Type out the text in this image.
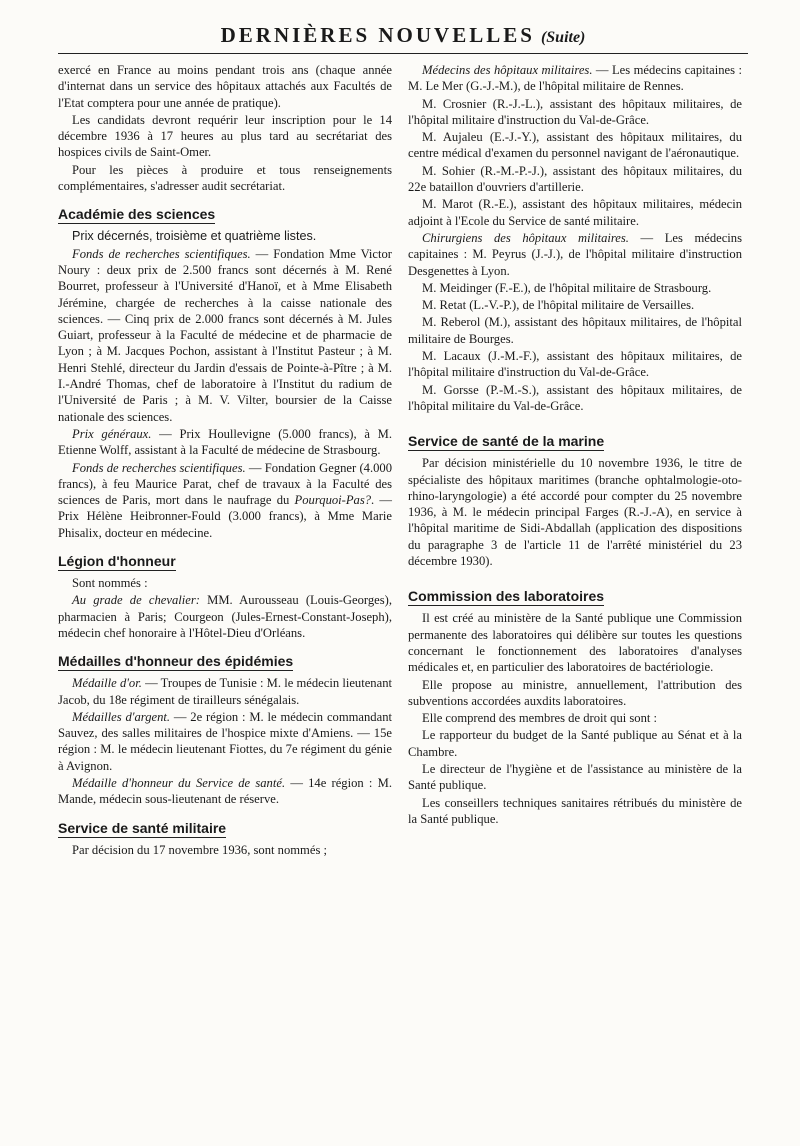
DERNIÈRES NOUVELLES (Suite)

exercé en France au moins pendant trois ans (chaque année d'internat dans un service des hôpitaux attachés aux Facultés de l'Etat comptera pour une année de pratique).

Les candidats devront requérir leur inscription pour le 14 décembre 1936 à 17 heures au plus tard au secrétariat des hospices civils de Saint-Omer.

Pour les pièces à produire et tous renseignements complémentaires, s'adresser audit secrétariat.

Académie des sciences

Prix décernés, troisième et quatrième listes.

Fonds de recherches scientifiques. — Fondation Mme Victor Noury : deux prix de 2.500 francs sont décernés à M. René Bourret, professeur à l'Université d'Hanoï, et à Mme Elisabeth Jérémine, chargée de recherches à la caisse nationale des sciences. — Cinq prix de 2.000 francs sont décernés à M. Jules Guiart, professeur à la Faculté de médecine et de pharmacie de Lyon ; à M. Jacques Pochon, assistant à l'Institut Pasteur ; à M. Henri Stehlé, directeur du Jardin d'essais de Pointe-à-Pître ; à M. I.-André Thomas, chef de laboratoire à l'Institut du radium de l'Université de Paris ; à M. V. Vilter, boursier de la Caisse nationale des sciences.

Prix généraux. — Prix Houllevigne (5.000 francs), à M. Etienne Wolff, assistant à la Faculté de médecine de Strasbourg.

Fonds de recherches scientifiques. — Fondation Gegner (4.000 francs), à feu Maurice Parat, chef de travaux à la Faculté des sciences de Paris, mort dans le naufrage du Pourquoi-Pas?. — Prix Hélène Heibronner-Fould (3.000 francs), à Mme Marie Phisalix, docteur en médecine.

Légion d'honneur

Sont nommés :

Au grade de chevalier: MM. Aurousseau (Louis-Georges), pharmacien à Paris; Courgeon (Jules-Ernest-Constant-Joseph), médecin chef honoraire à l'Hôtel-Dieu d'Orléans.

Médailles d'honneur des épidémies

Médaille d'or. — Troupes de Tunisie : M. le médecin lieutenant Jacob, du 18e régiment de tirailleurs sénégalais.

Médailles d'argent. — 2e région : M. le médecin commandant Sauvez, des salles militaires de l'hospice mixte d'Amiens. — 15e région : M. le médecin lieutenant Fiottes, du 7e régiment du génie à Avignon.

Médaille d'honneur du Service de santé. — 14e région : M. Mande, médecin sous-lieutenant de réserve.

Service de santé militaire

Par décision du 17 novembre 1936, sont nommés ;

Médecins des hôpitaux militaires. — Les médecins capitaines : M. Le Mer (G.-J.-M.), de l'hôpital militaire de Rennes.

M. Crosnier (R.-J.-L.), assistant des hôpitaux militaires, de l'hôpital militaire d'instruction du Val-de-Grâce.

M. Aujaleu (E.-J.-Y.), assistant des hôpitaux militaires, du centre médical d'examen du personnel navigant de l'aéronautique.

M. Sohier (R.-M.-P.-J.), assistant des hôpitaux militaires, du 22e bataillon d'ouvriers d'artillerie.

M. Marot (R.-E.), assistant des hôpitaux militaires, médecin adjoint à l'Ecole du Service de santé militaire.

Chirurgiens des hôpitaux militaires. — Les médecins capitaines : M. Peyrus (J.-J.), de l'hôpital militaire d'instruction Desgenettes à Lyon.

M. Meidinger (F.-E.), de l'hôpital militaire de Strasbourg.

M. Retat (L.-V.-P.), de l'hôpital militaire de Versailles.

M. Reberol (M.), assistant des hôpitaux militaires, de l'hôpital militaire de Bourges.

M. Lacaux (J.-M.-F.), assistant des hôpitaux militaires, de l'hôpital militaire d'instruction du Val-de-Grâce.

M. Gorsse (P.-M.-S.), assistant des hôpitaux militaires, de l'hôpital militaire du Val-de-Grâce.

Service de santé de la marine

Par décision ministérielle du 10 novembre 1936, le titre de spécialiste des hôpitaux maritimes (branche ophtalmologie-oto-rhino-laryngologie) a été accordé pour compter du 25 novembre 1936, à M. le médecin principal Farges (R.-J.-A), en service à l'hôpital maritime de Sidi-Abdallah (application des dispositions du paragraphe 3 de l'article 11 de l'arrêté ministériel du 23 décembre 1930).

Commission des laboratoires

Il est créé au ministère de la Santé publique une Commission permanente des laboratoires qui délibère sur toutes les questions concernant le fonctionnement des laboratoires d'analyses médicales et, en particulier des laboratoires de bactériologie.

Elle propose au ministre, annuellement, l'attribution des subventions accordées auxdits laboratoires.

Elle comprend des membres de droit qui sont :

Le rapporteur du budget de la Santé publique au Sénat et à la Chambre.

Le directeur de l'hygiène et de l'assistance au ministère de la Santé publique.

Les conseillers techniques sanitaires rétribués du ministère de la Santé publique.
